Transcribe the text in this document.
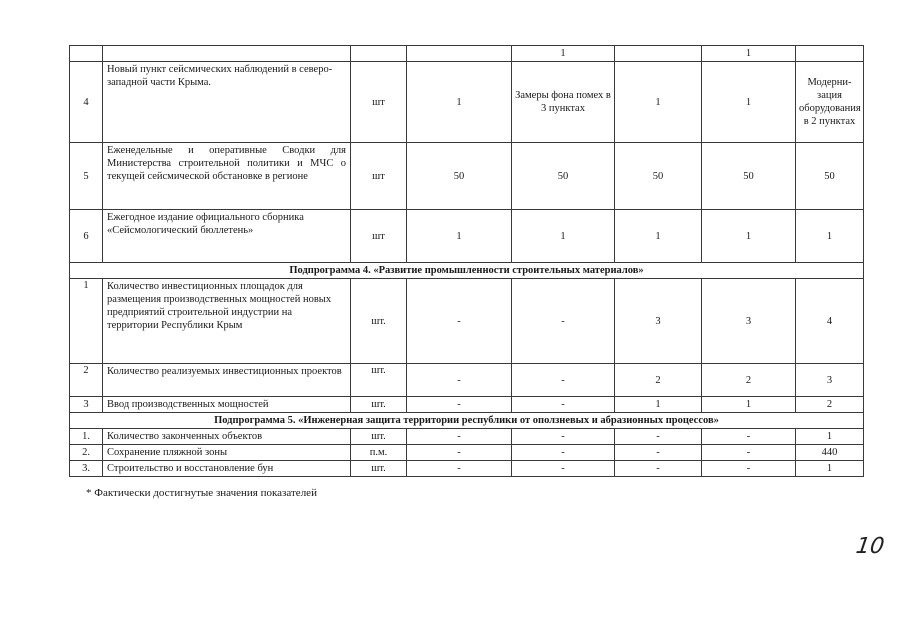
				1		1	
4	Новый пункт сейсмических наблюдений в северо-западной части Крыма.	шт	1	Замеры фона помех в 3 пунктах	1	1	Модерни-зация оборудования в 2 пунктах
5	Еженедельные и оперативные Сводки для Министерства строительной политики и МЧС о текущей сейсмической обстановке в регионе	шт	50	50	50	50	50
6	Ежегодное издание официального сборника «Сейсмологический бюллетень»	шт	1	1	1	1	1
Подпрограмма 4. «Развитие промышленности строительных материалов»							
1	Количество инвестиционных площадок для размещения производственных мощностей новых предприятий строительной индустрии на территории Республики Крым	шт.	-	-	3	3	4
2	Количество реализуемых инвестиционных проектов	шт.	-	-	2	2	3
3	Ввод производственных мощностей	шт.	-	-	1	1	2
Подпрограмма 5. «Инженерная защита территории республики от оползневых и абразионных процессов»							
1.	Количество законченных объектов	шт.	-	-	-	-	1
2.	Сохранение пляжной зоны	п.м.	-	-	-	-	440
3.	Строительство и восстановление бун	шт.	-	-	-	-	1
* Фактически достигнутые значения показателей
10
